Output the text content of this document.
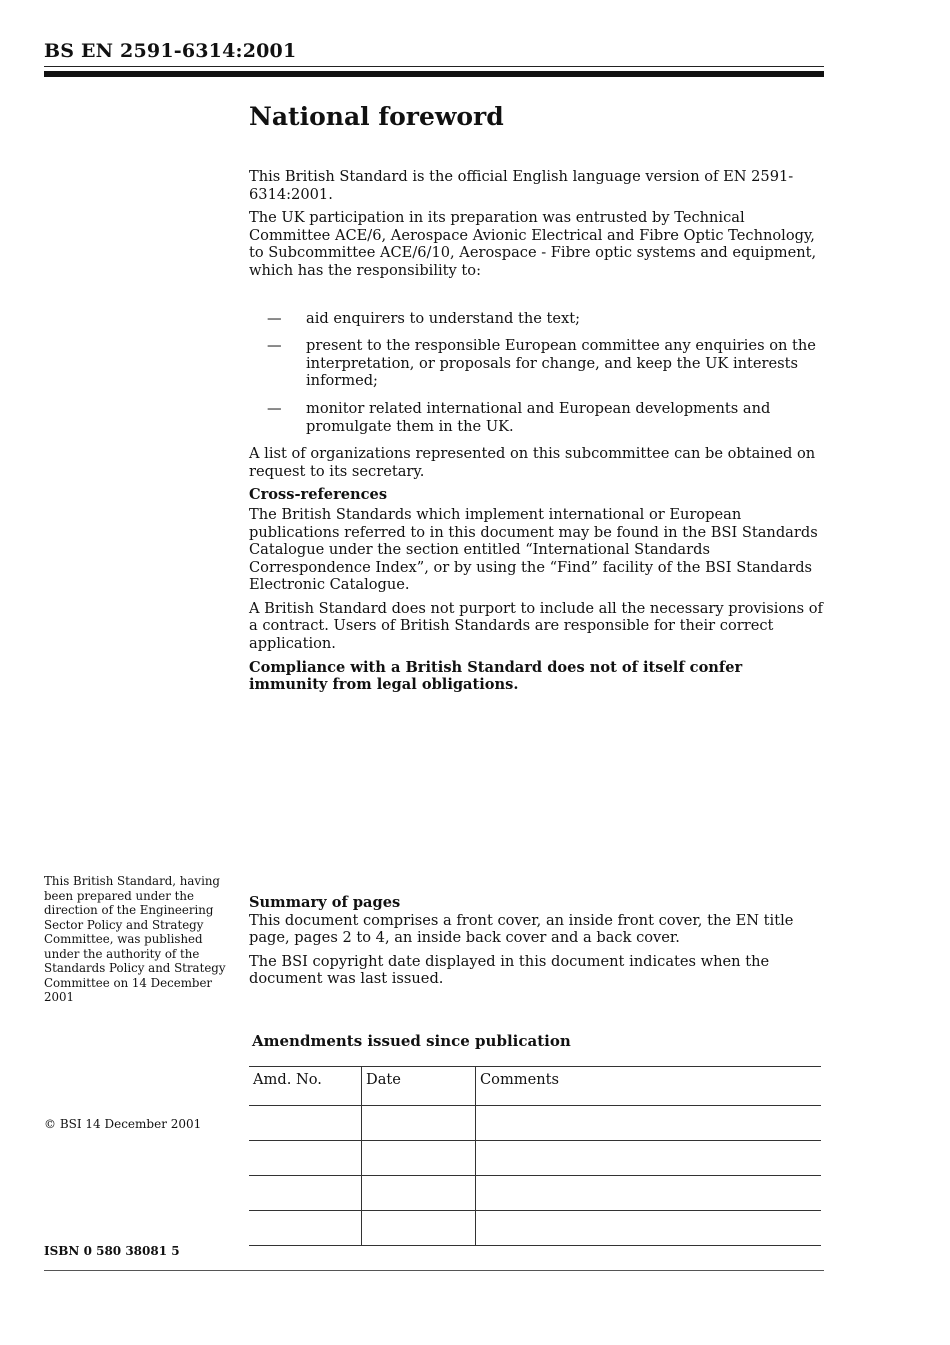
BS EN 2591-6314:2001
National foreword

This British Standard is the official English language version of EN 2591-6314:2001.

The UK participation in its preparation was entrusted by Technical Committee ACE/6, Aerospace Avionic Electrical and Fibre Optic Technology, to Subcommittee ACE/6/10, Aerospace - Fibre optic systems and equipment, which has the responsibility to:

—	aid enquirers to understand the text;
—	present to the responsible European committee any enquiries on the interpretation, or proposals for change, and keep the UK interests informed;
—	monitor related international and European developments and promulgate them in the UK.

A list of organizations represented on this subcommittee can be obtained on request to its secretary.

Cross-references

The British Standards which implement international or European publications referred to in this document may be found in the BSI Standards Catalogue under the section entitled “International Standards Correspondence Index”, or by using the “Find” facility of the BSI Standards Electronic Catalogue.

A British Standard does not purport to include all the necessary provisions of a contract. Users of British Standards are responsible for their correct application.

Compliance with a British Standard does not of itself confer immunity from legal obligations.

This British Standard, having been prepared under the direction of the Engineering Sector Policy and Strategy Committee, was published under the authority of the Standards Policy and Strategy Committee on 14 December 2001
Summary of pages

This document comprises a front cover, an inside front cover, the EN title page, pages 2 to 4, an inside back cover and a back cover.

The BSI copyright date displayed in this document indicates when the document was last issued.

Amendments issued since publication
Amd. No.	Date	Comments

© BSI 14 December 2001
ISBN 0 580 38081 5
